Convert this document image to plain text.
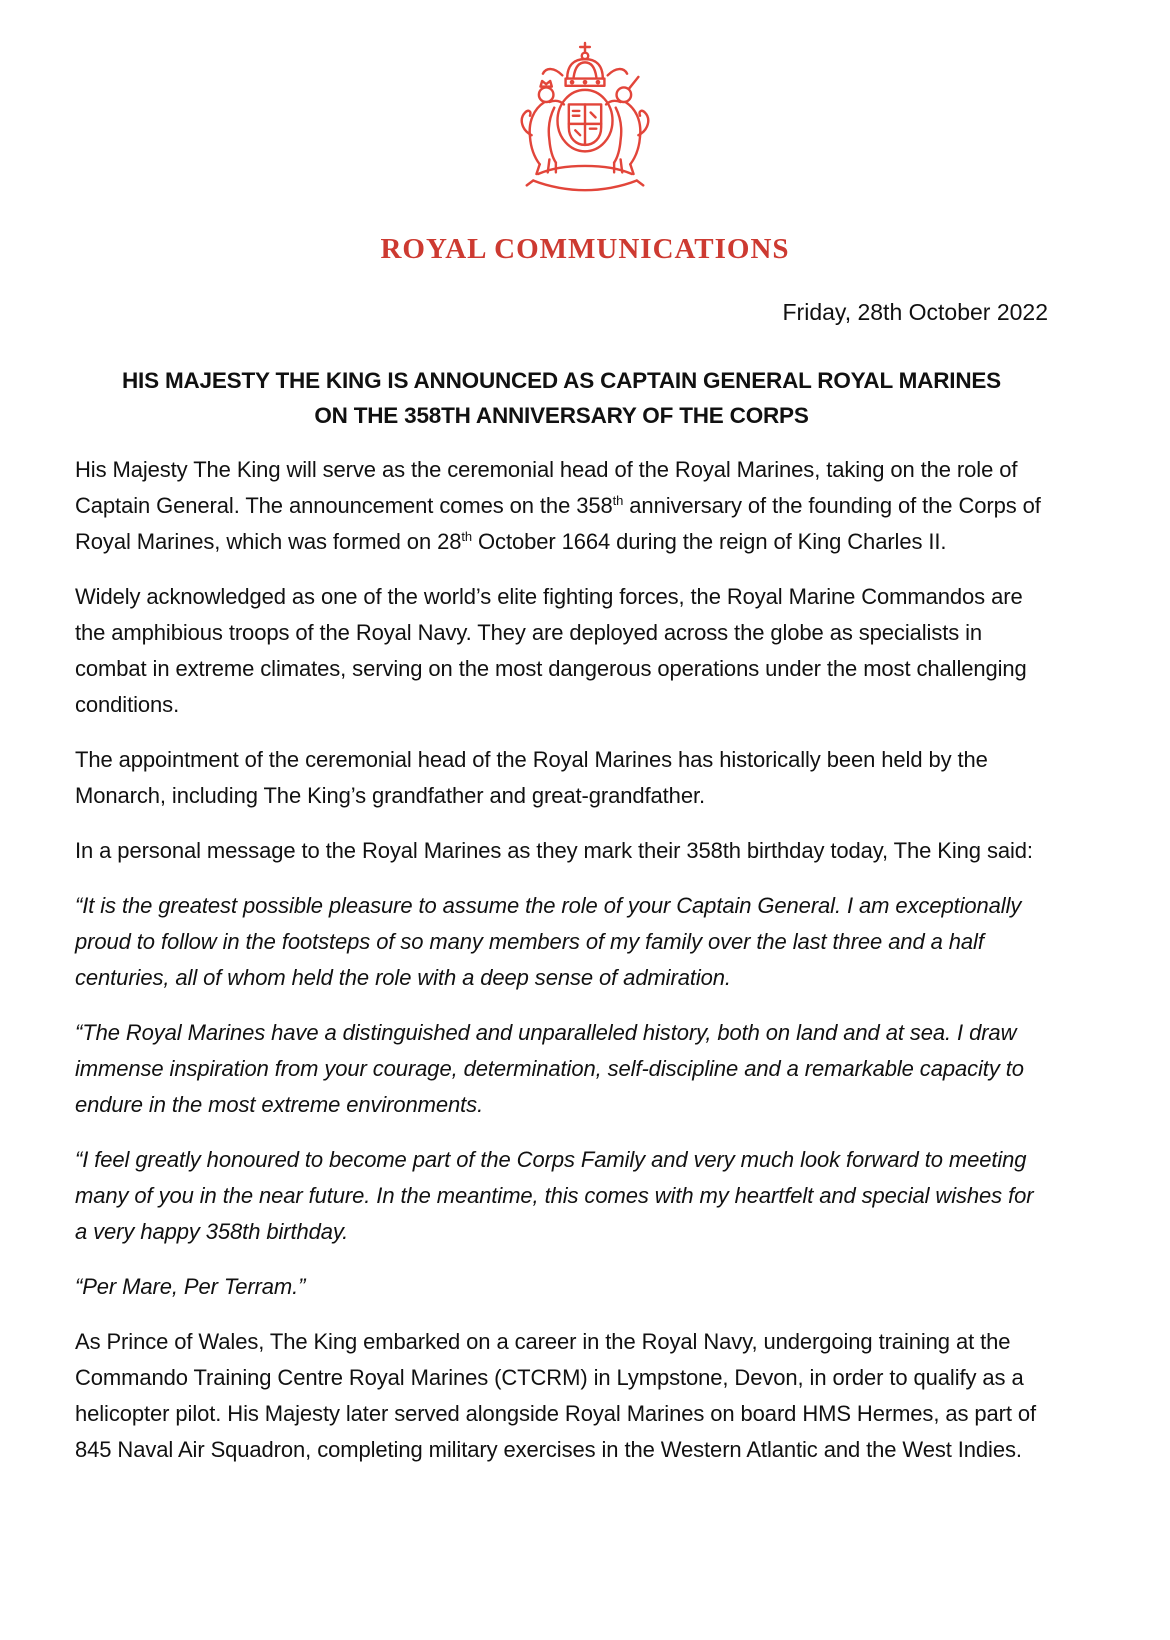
ROYAL COMMUNICATIONS
Friday, 28th October 2022
HIS MAJESTY THE KING IS ANNOUNCED AS CAPTAIN GENERAL ROYAL MARINES
ON THE 358TH ANNIVERSARY OF THE CORPS

His Majesty The King will serve as the ceremonial head of the Royal Marines, taking on the role of Captain General. The announcement comes on the 358th anniversary of the founding of the Corps of Royal Marines, which was formed on 28th October 1664 during the reign of King Charles II.

Widely acknowledged as one of the world’s elite fighting forces, the Royal Marine Commandos are the amphibious troops of the Royal Navy. They are deployed across the globe as specialists in combat in extreme climates, serving on the most dangerous operations under the most challenging conditions.

The appointment of the ceremonial head of the Royal Marines has historically been held by the Monarch, including The King’s grandfather and great-grandfather.

In a personal message to the Royal Marines as they mark their 358th birthday today, The King said:

“It is the greatest possible pleasure to assume the role of your Captain General. I am exceptionally proud to follow in the footsteps of so many members of my family over the last three and a half centuries, all of whom held the role with a deep sense of admiration.

“The Royal Marines have a distinguished and unparalleled history, both on land and at sea. I draw immense inspiration from your courage, determination, self-discipline and a remarkable capacity to endure in the most extreme environments.

“I feel greatly honoured to become part of the Corps Family and very much look forward to meeting many of you in the near future. In the meantime, this comes with my heartfelt and special wishes for a very happy 358th birthday.

“Per Mare, Per Terram.”

As Prince of Wales, The King embarked on a career in the Royal Navy, undergoing training at the Commando Training Centre Royal Marines (CTCRM) in Lympstone, Devon, in order to qualify as a helicopter pilot. His Majesty later served alongside Royal Marines on board HMS Hermes, as part of 845 Naval Air Squadron, completing military exercises in the Western Atlantic and the West Indies.
